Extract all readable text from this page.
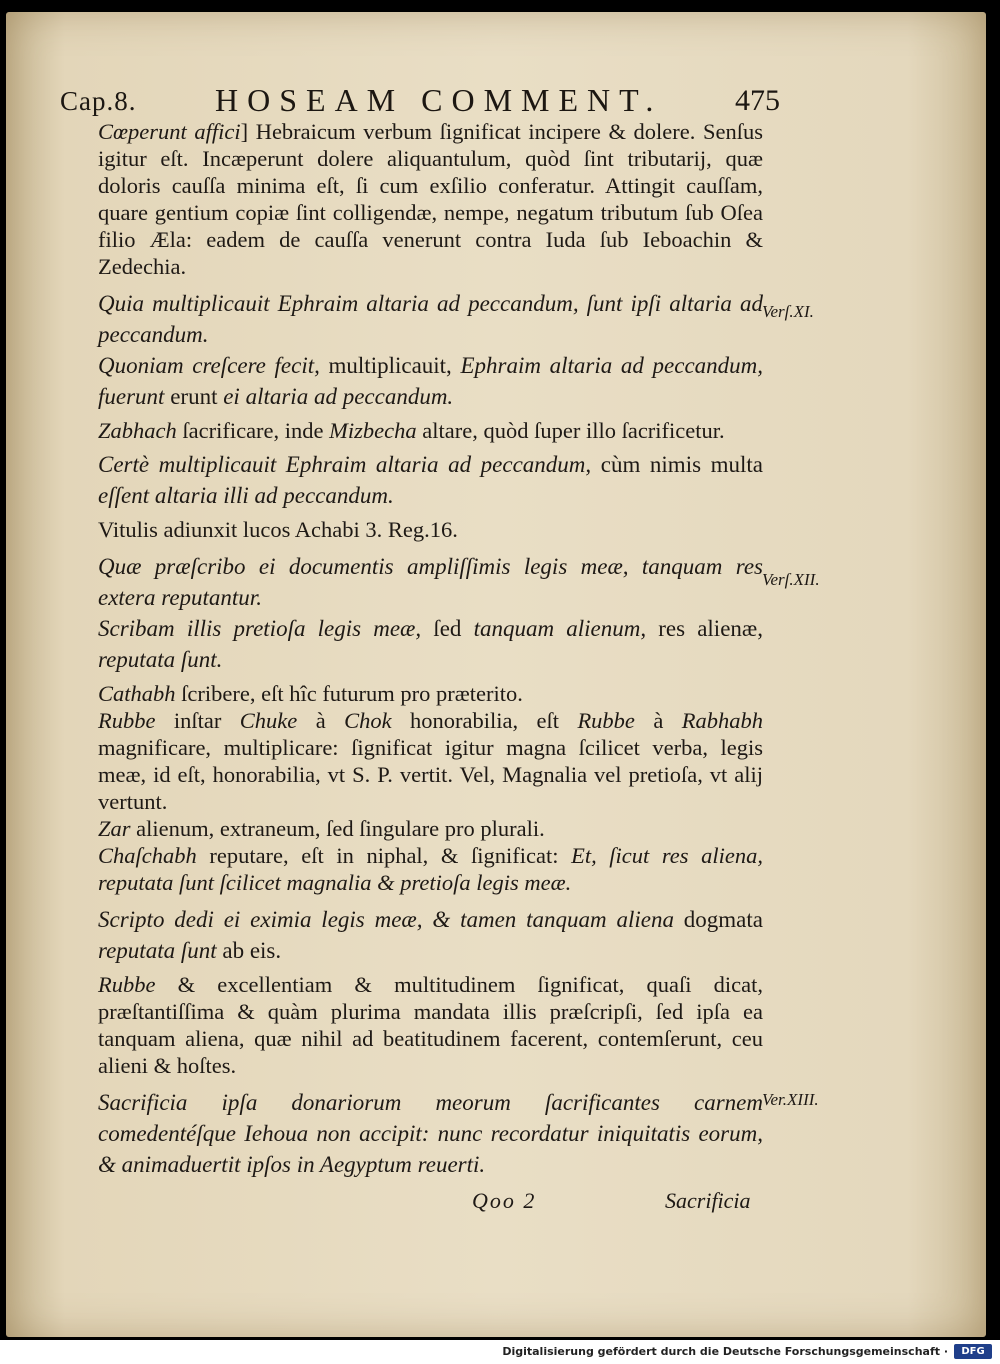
Cap.8. HOSEAM COMMENT. 475

Cœperunt affici] Hebraicum verbum ſignificat incipere & dolere. Senſus igitur eſt. Incæperunt dolere aliquantulum, quòd ſint tributarij, quæ doloris cauſſa minima eſt, ſi cum exſilio conferatur. Attingit cauſſam, quare gentium copiæ ſint colligendæ, nempe, negatum tributum ſub Oſea filio Æla: eadem de cauſſa venerunt contra Iuda ſub Ieboachin & Zedechia.

Quia multiplicauit Ephraim altaria ad peccandum, ſunt ipſi altaria ad peccandum.

Quoniam creſcere fecit, multiplicauit, Ephraim altaria ad peccandum, fuerunt erunt ei altaria ad peccandum.

Zabhach ſacrificare, inde Mizbecha altare, quòd ſuper illo ſacrificetur.

Certè multiplicauit Ephraim altaria ad peccandum, cùm nimis multa eſſent altaria illi ad peccandum.

Vitulis adiunxit lucos Achabi 3. Reg.16.

Quæ præſcribo ei documentis ampliſſimis legis meæ, tanquam res extera reputantur.

Scribam illis pretioſa legis meæ, ſed tanquam alienum, res alienæ, reputata ſunt.

Cathabh ſcribere, eſt hîc futurum pro præterito.

Rubbe inſtar Chuke à Chok honorabilia, eſt Rubbe à Rabhabh magnificare, multiplicare: ſignificat igitur magna ſcilicet verba, legis meæ, id eſt, honorabilia, vt S. P. vertit. Vel, Magnalia vel pretioſa, vt alij vertunt.

Zar alienum, extraneum, ſed ſingulare pro plurali.

Chaſchabh reputare, eſt in niphal, & ſignificat: Et, ſicut res aliena, reputata ſunt ſcilicet magnalia & pretioſa legis meæ.

Scripto dedi ei eximia legis meæ, & tamen tanquam aliena dogmata reputata ſunt ab eis.

Rubbe & excellentiam & multitudinem ſignificat, quaſi dicat, præſtantiſſima & quàm plurima mandata illis præſcripſi, ſed ipſa ea tanquam aliena, quæ nihil ad beatitudinem facerent, contemſerunt, ceu alieni & hoſtes.

Sacrificia ipſa donariorum meorum ſacrificantes carnem comedentéſque Iehoua non accipit: nunc recordatur iniquitatis eorum, & animaduertit ipſos in Aegyptum reuerti.

Verſ.XI.
Verſ.XII.
Ver.XIII.
Qoo 2	Sacrificia
Digitalisierung gefördert durch die Deutsche Forschungsgemeinschaft ·	DFG
